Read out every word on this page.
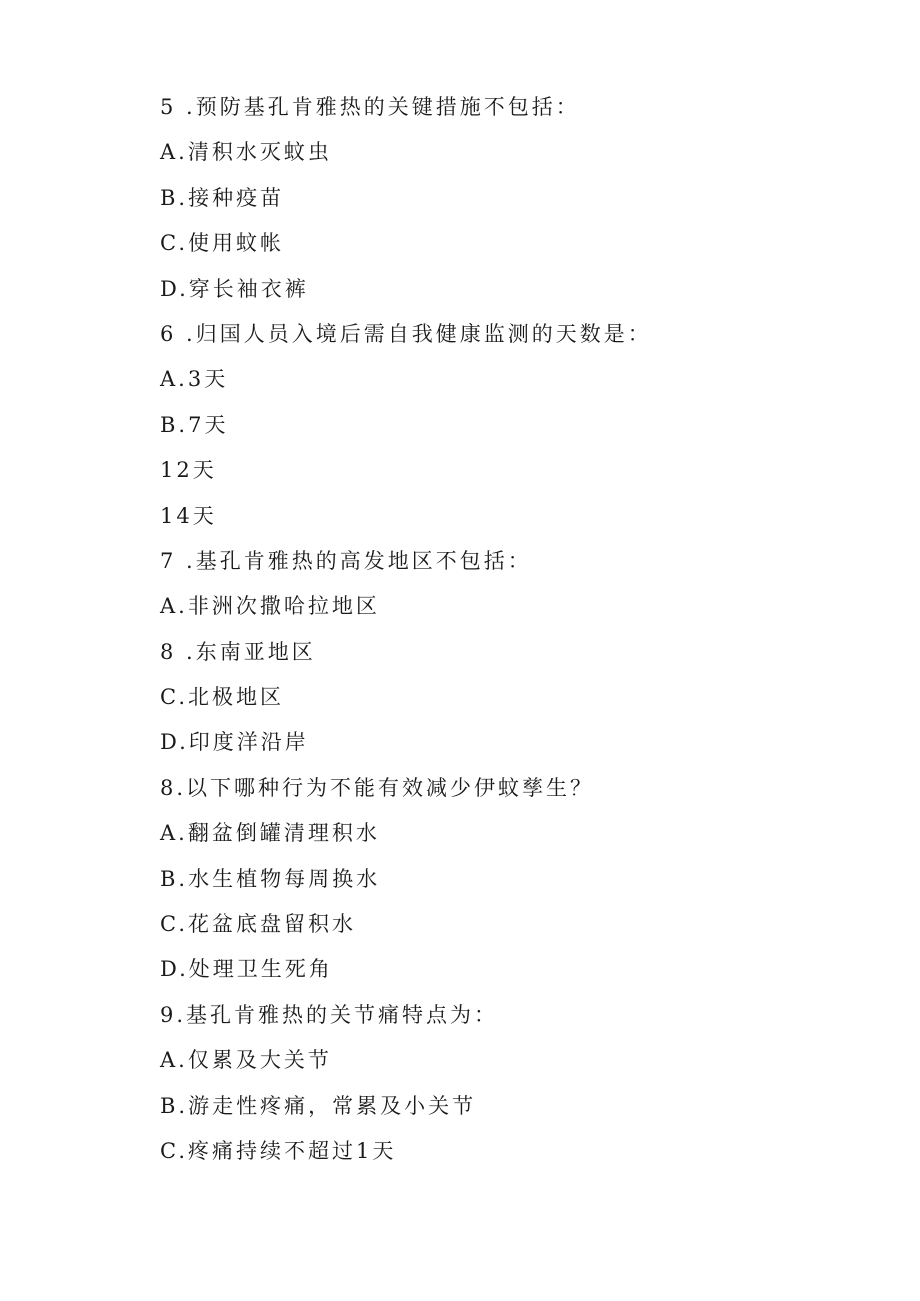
5 .预防基孔肯雅热的关键措施不包括：
A.清积水灭蚊虫
B.接种疫苗
C.使用蚊帐
D.穿长袖衣裤
6 .归国人员入境后需自我健康监测的天数是：
A.3天
B.7天
12天
14天
7 .基孔肯雅热的高发地区不包括：
A.非洲次撒哈拉地区
8 .东南亚地区
C.北极地区
D.印度洋沿岸
8.以下哪种行为不能有效减少伊蚊孳生？
A.翻盆倒罐清理积水
B.水生植物每周换水
C.花盆底盘留积水
D.处理卫生死角
9.基孔肯雅热的关节痛特点为：
A.仅累及大关节
B.游走性疼痛，常累及小关节
C.疼痛持续不超过1天
